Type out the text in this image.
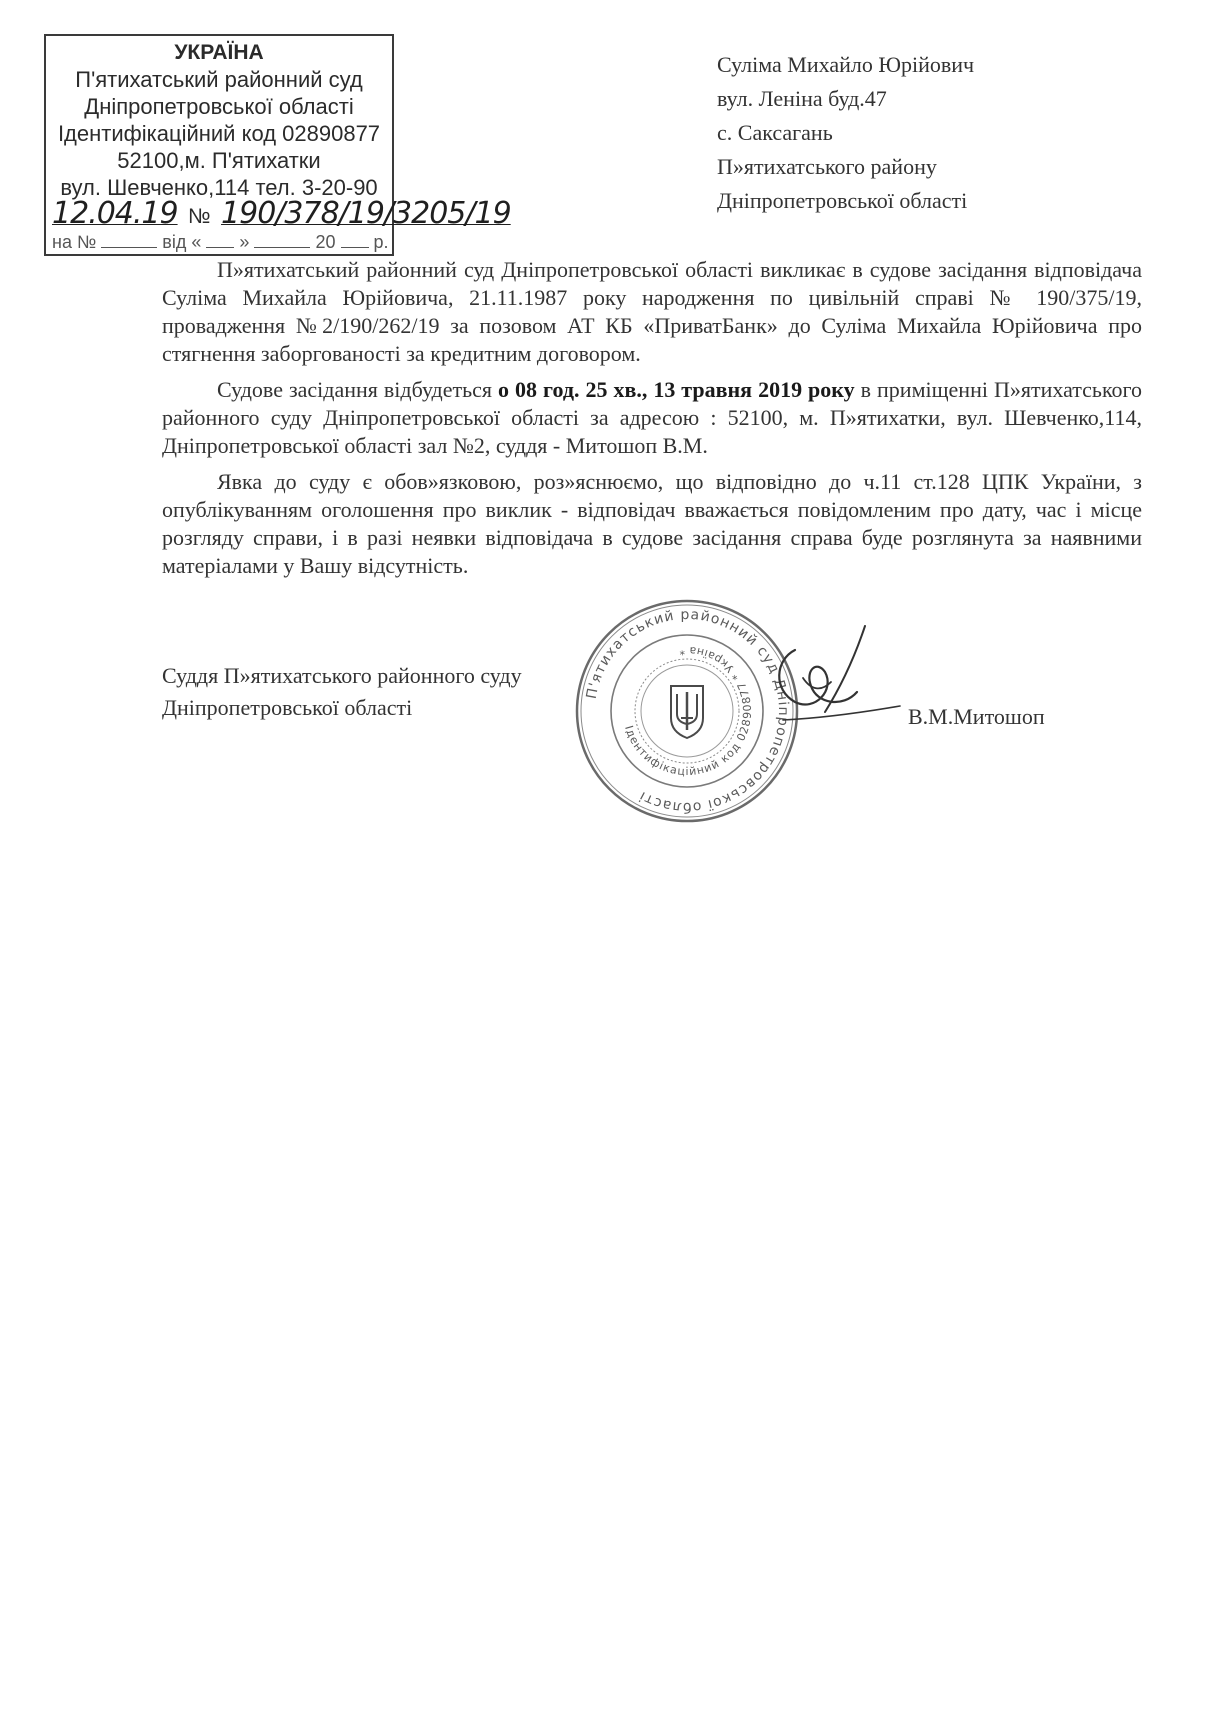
УКРАЇНА
П'ятихатський районний суд
Дніпропетровської області
Ідентифікаційний код 02890877
52100,м. П'ятихатки
вул. Шевченко,114 тел. 3-20-90
12.04.19 № 190/378/19/3205/19
на №	від « »	20 р.
Суліма Михайло Юрійович
вул. Леніна буд.47
с. Саксагань
П»ятихатського району
Дніпропетровської області

П»ятихатський районний суд Дніпропетровської області викликає в судове засідання відповідача Суліма Михайла Юрійовича, 21.11.1987 року народження по цивільній справі № 190/375/19, провадження №2/190/262/19 за позовом АТ КБ «ПриватБанк» до Суліма Михайла Юрійовича про стягнення заборгованості за кредитним договором.

Судове засідання відбудеться о 08 год. 25 хв., 13 травня 2019 року в приміщенні П»ятихатського районного суду Дніпропетровської області за адресою : 52100, м. П»ятихатки, вул. Шевченко,114, Дніпропетровської області зал №2, суддя - Митошоп В.М.

Явка до суду є обов»язковою, роз»яснюємо, що відповідно до ч.11 ст.128 ЦПК України, з опублікуванням оголошення про виклик - відповідач вважається повідомленим про дату, час і місце розгляду справи, і в разі неявки відповідача в судове засідання справа буде розглянута за наявними матеріалами у Вашу відсутність.

Суддя П»ятихатського районного суду
Дніпропетровської області	В.М.Митошоп
П'ятихатський районний суд Дніпропетровської області
Ідентифікаційний код 02890877 * Україна *
